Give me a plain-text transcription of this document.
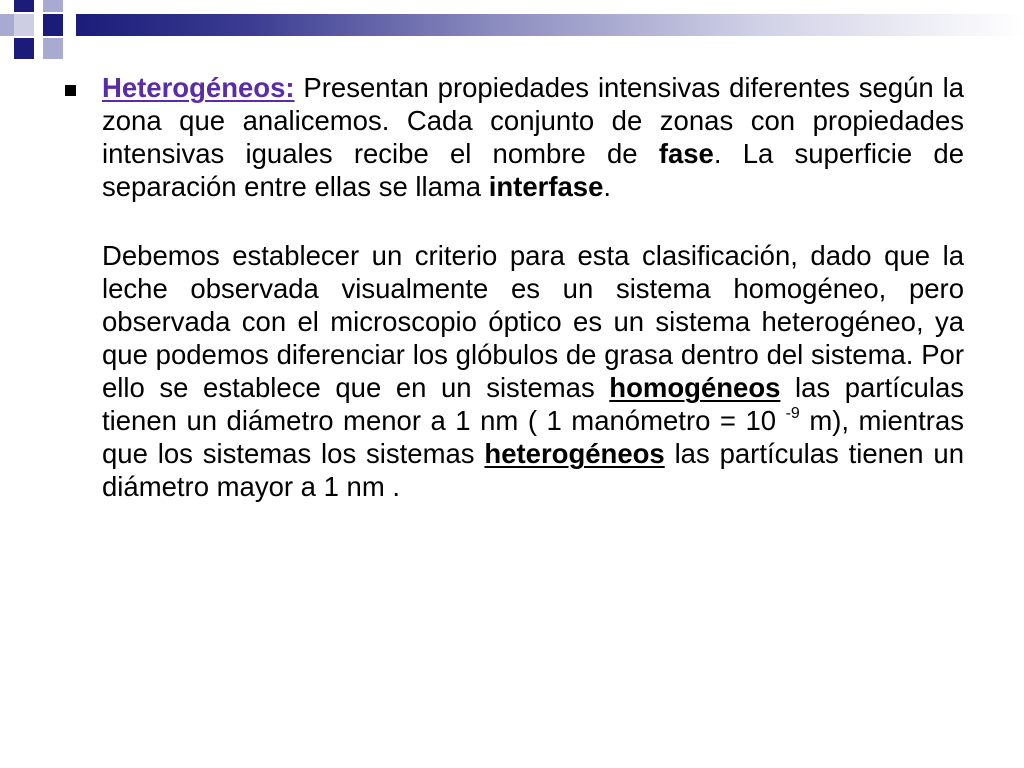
Heterogéneos: Presentan propiedades intensivas diferentes según la zona que analicemos. Cada conjunto de zonas con propiedades intensivas iguales recibe el nombre de fase. La superficie de separación entre ellas se llama interfase.

Debemos establecer un criterio para esta clasificación, dado que la leche observada visualmente es un sistema homogéneo, pero observada con el microscopio óptico es un sistema heterogéneo, ya que podemos diferenciar los glóbulos de grasa dentro del sistema. Por ello se establece que en un sistemas homogéneos las partículas tienen un diámetro menor a 1 nm ( 1 manómetro = 10 $^{-9}$ m), mientras que los sistemas los sistemas heterogéneos las partículas tienen un diámetro mayor a 1 nm .
